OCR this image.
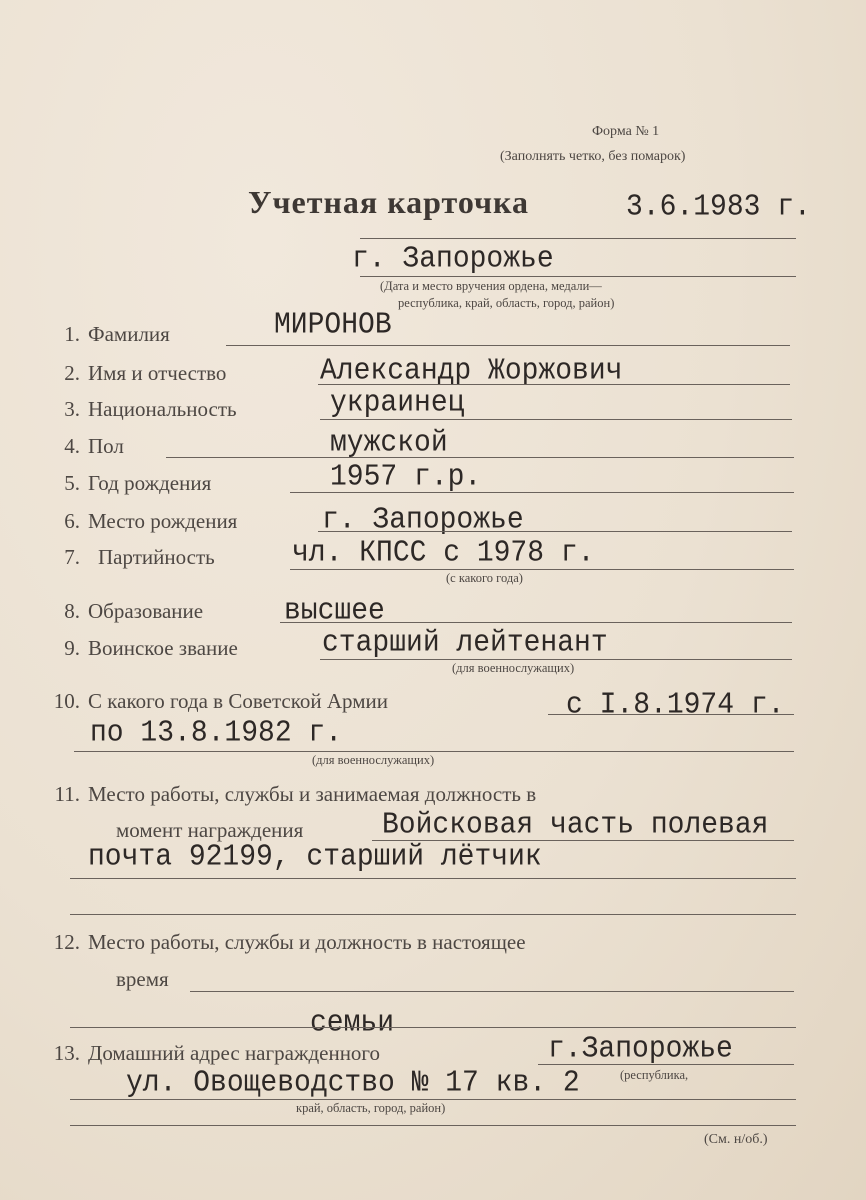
Форма № 1
(Заполнять четко, без помарок)
Учетная карточка	3.6.1983 г.
г. Запорожье
(Дата и место вручения ордена, медали—
республика, край, область, город, район)
1. Фамилия	МИРОНОВ
2. Имя и отчество	Александр Жоржович
3. Национальность	украинец
4. Пол	мужской
5. Год рождения	1957 г.р.
6. Место рождения	г. Запорожье
7. Партийность	чл. КПСС с 1978 г.
(с какого года)
8. Образование	высшее
9. Воинское звание	старший лейтенант
(для военнослужащих)
10. С какого года в Советской Армии	с I.8.1974 г.
по 13.8.1982 г.
(для военнослужащих)
11. Место работы, службы и занимаемая должность в
момент награждения	Войсковая часть полевая
почта 92199, старший лётчик
12. Место работы, службы и должность в настоящее
время
семьи
13. Домашний адрес награжденного	г.Запорожье
ул. Овощеводство № 17 кв. 2	(республика,
край, область, город, район)
(См. н/об.)
